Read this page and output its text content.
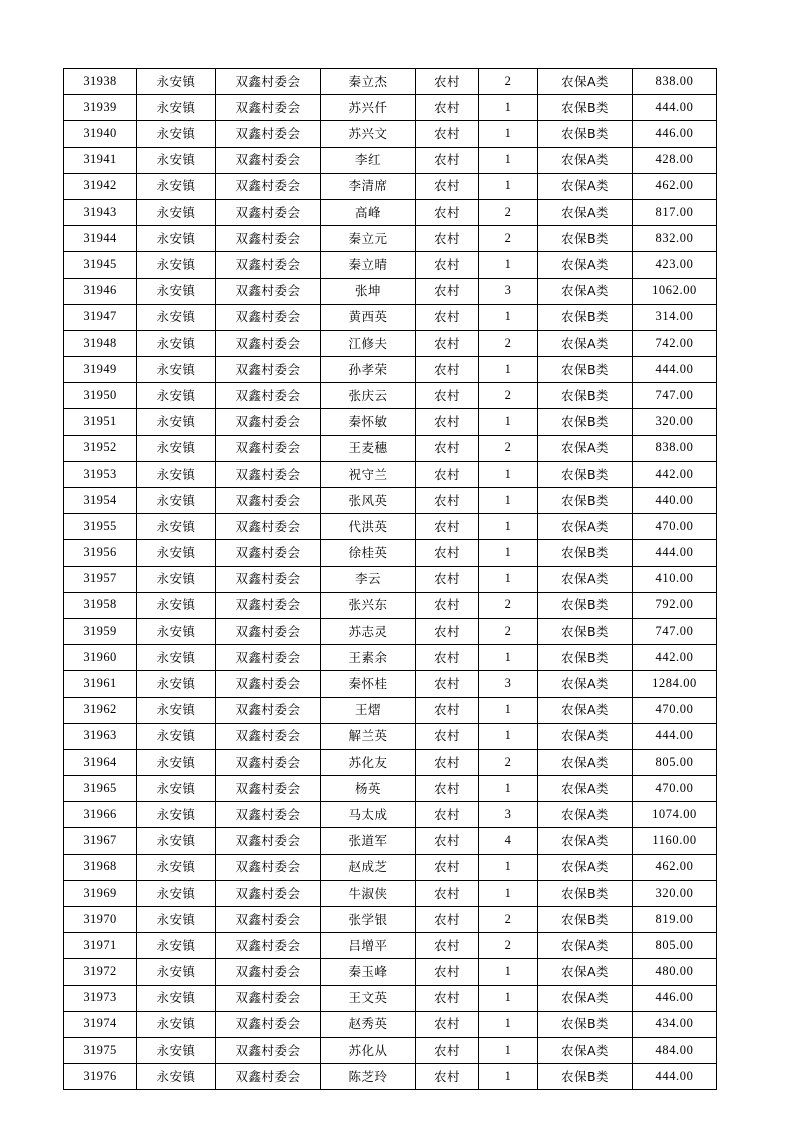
31938	永安镇	双鑫村委会	秦立杰	农村	2	农保A类	838.00
31939	永安镇	双鑫村委会	苏兴仟	农村	1	农保B类	444.00
31940	永安镇	双鑫村委会	苏兴文	农村	1	农保B类	446.00
31941	永安镇	双鑫村委会	李红	农村	1	农保A类	428.00
31942	永安镇	双鑫村委会	李清席	农村	1	农保A类	462.00
31943	永安镇	双鑫村委会	高峰	农村	2	农保A类	817.00
31944	永安镇	双鑫村委会	秦立元	农村	2	农保B类	832.00
31945	永安镇	双鑫村委会	秦立晴	农村	1	农保A类	423.00
31946	永安镇	双鑫村委会	张坤	农村	3	农保A类	1062.00
31947	永安镇	双鑫村委会	黄西英	农村	1	农保B类	314.00
31948	永安镇	双鑫村委会	江修夫	农村	2	农保A类	742.00
31949	永安镇	双鑫村委会	孙孝荣	农村	1	农保B类	444.00
31950	永安镇	双鑫村委会	张庆云	农村	2	农保B类	747.00
31951	永安镇	双鑫村委会	秦怀敏	农村	1	农保B类	320.00
31952	永安镇	双鑫村委会	王麦穗	农村	2	农保A类	838.00
31953	永安镇	双鑫村委会	祝守兰	农村	1	农保B类	442.00
31954	永安镇	双鑫村委会	张风英	农村	1	农保B类	440.00
31955	永安镇	双鑫村委会	代洪英	农村	1	农保A类	470.00
31956	永安镇	双鑫村委会	徐桂英	农村	1	农保B类	444.00
31957	永安镇	双鑫村委会	李云	农村	1	农保A类	410.00
31958	永安镇	双鑫村委会	张兴东	农村	2	农保B类	792.00
31959	永安镇	双鑫村委会	苏志灵	农村	2	农保B类	747.00
31960	永安镇	双鑫村委会	王素余	农村	1	农保B类	442.00
31961	永安镇	双鑫村委会	秦怀桂	农村	3	农保A类	1284.00
31962	永安镇	双鑫村委会	王熠	农村	1	农保A类	470.00
31963	永安镇	双鑫村委会	解兰英	农村	1	农保A类	444.00
31964	永安镇	双鑫村委会	苏化友	农村	2	农保A类	805.00
31965	永安镇	双鑫村委会	杨英	农村	1	农保A类	470.00
31966	永安镇	双鑫村委会	马太成	农村	3	农保A类	1074.00
31967	永安镇	双鑫村委会	张道军	农村	4	农保A类	1160.00
31968	永安镇	双鑫村委会	赵成芝	农村	1	农保A类	462.00
31969	永安镇	双鑫村委会	牛淑侠	农村	1	农保B类	320.00
31970	永安镇	双鑫村委会	张学银	农村	2	农保B类	819.00
31971	永安镇	双鑫村委会	吕增平	农村	2	农保A类	805.00
31972	永安镇	双鑫村委会	秦玉峰	农村	1	农保A类	480.00
31973	永安镇	双鑫村委会	王文英	农村	1	农保A类	446.00
31974	永安镇	双鑫村委会	赵秀英	农村	1	农保B类	434.00
31975	永安镇	双鑫村委会	苏化从	农村	1	农保A类	484.00
31976	永安镇	双鑫村委会	陈芝玲	农村	1	农保B类	444.00
